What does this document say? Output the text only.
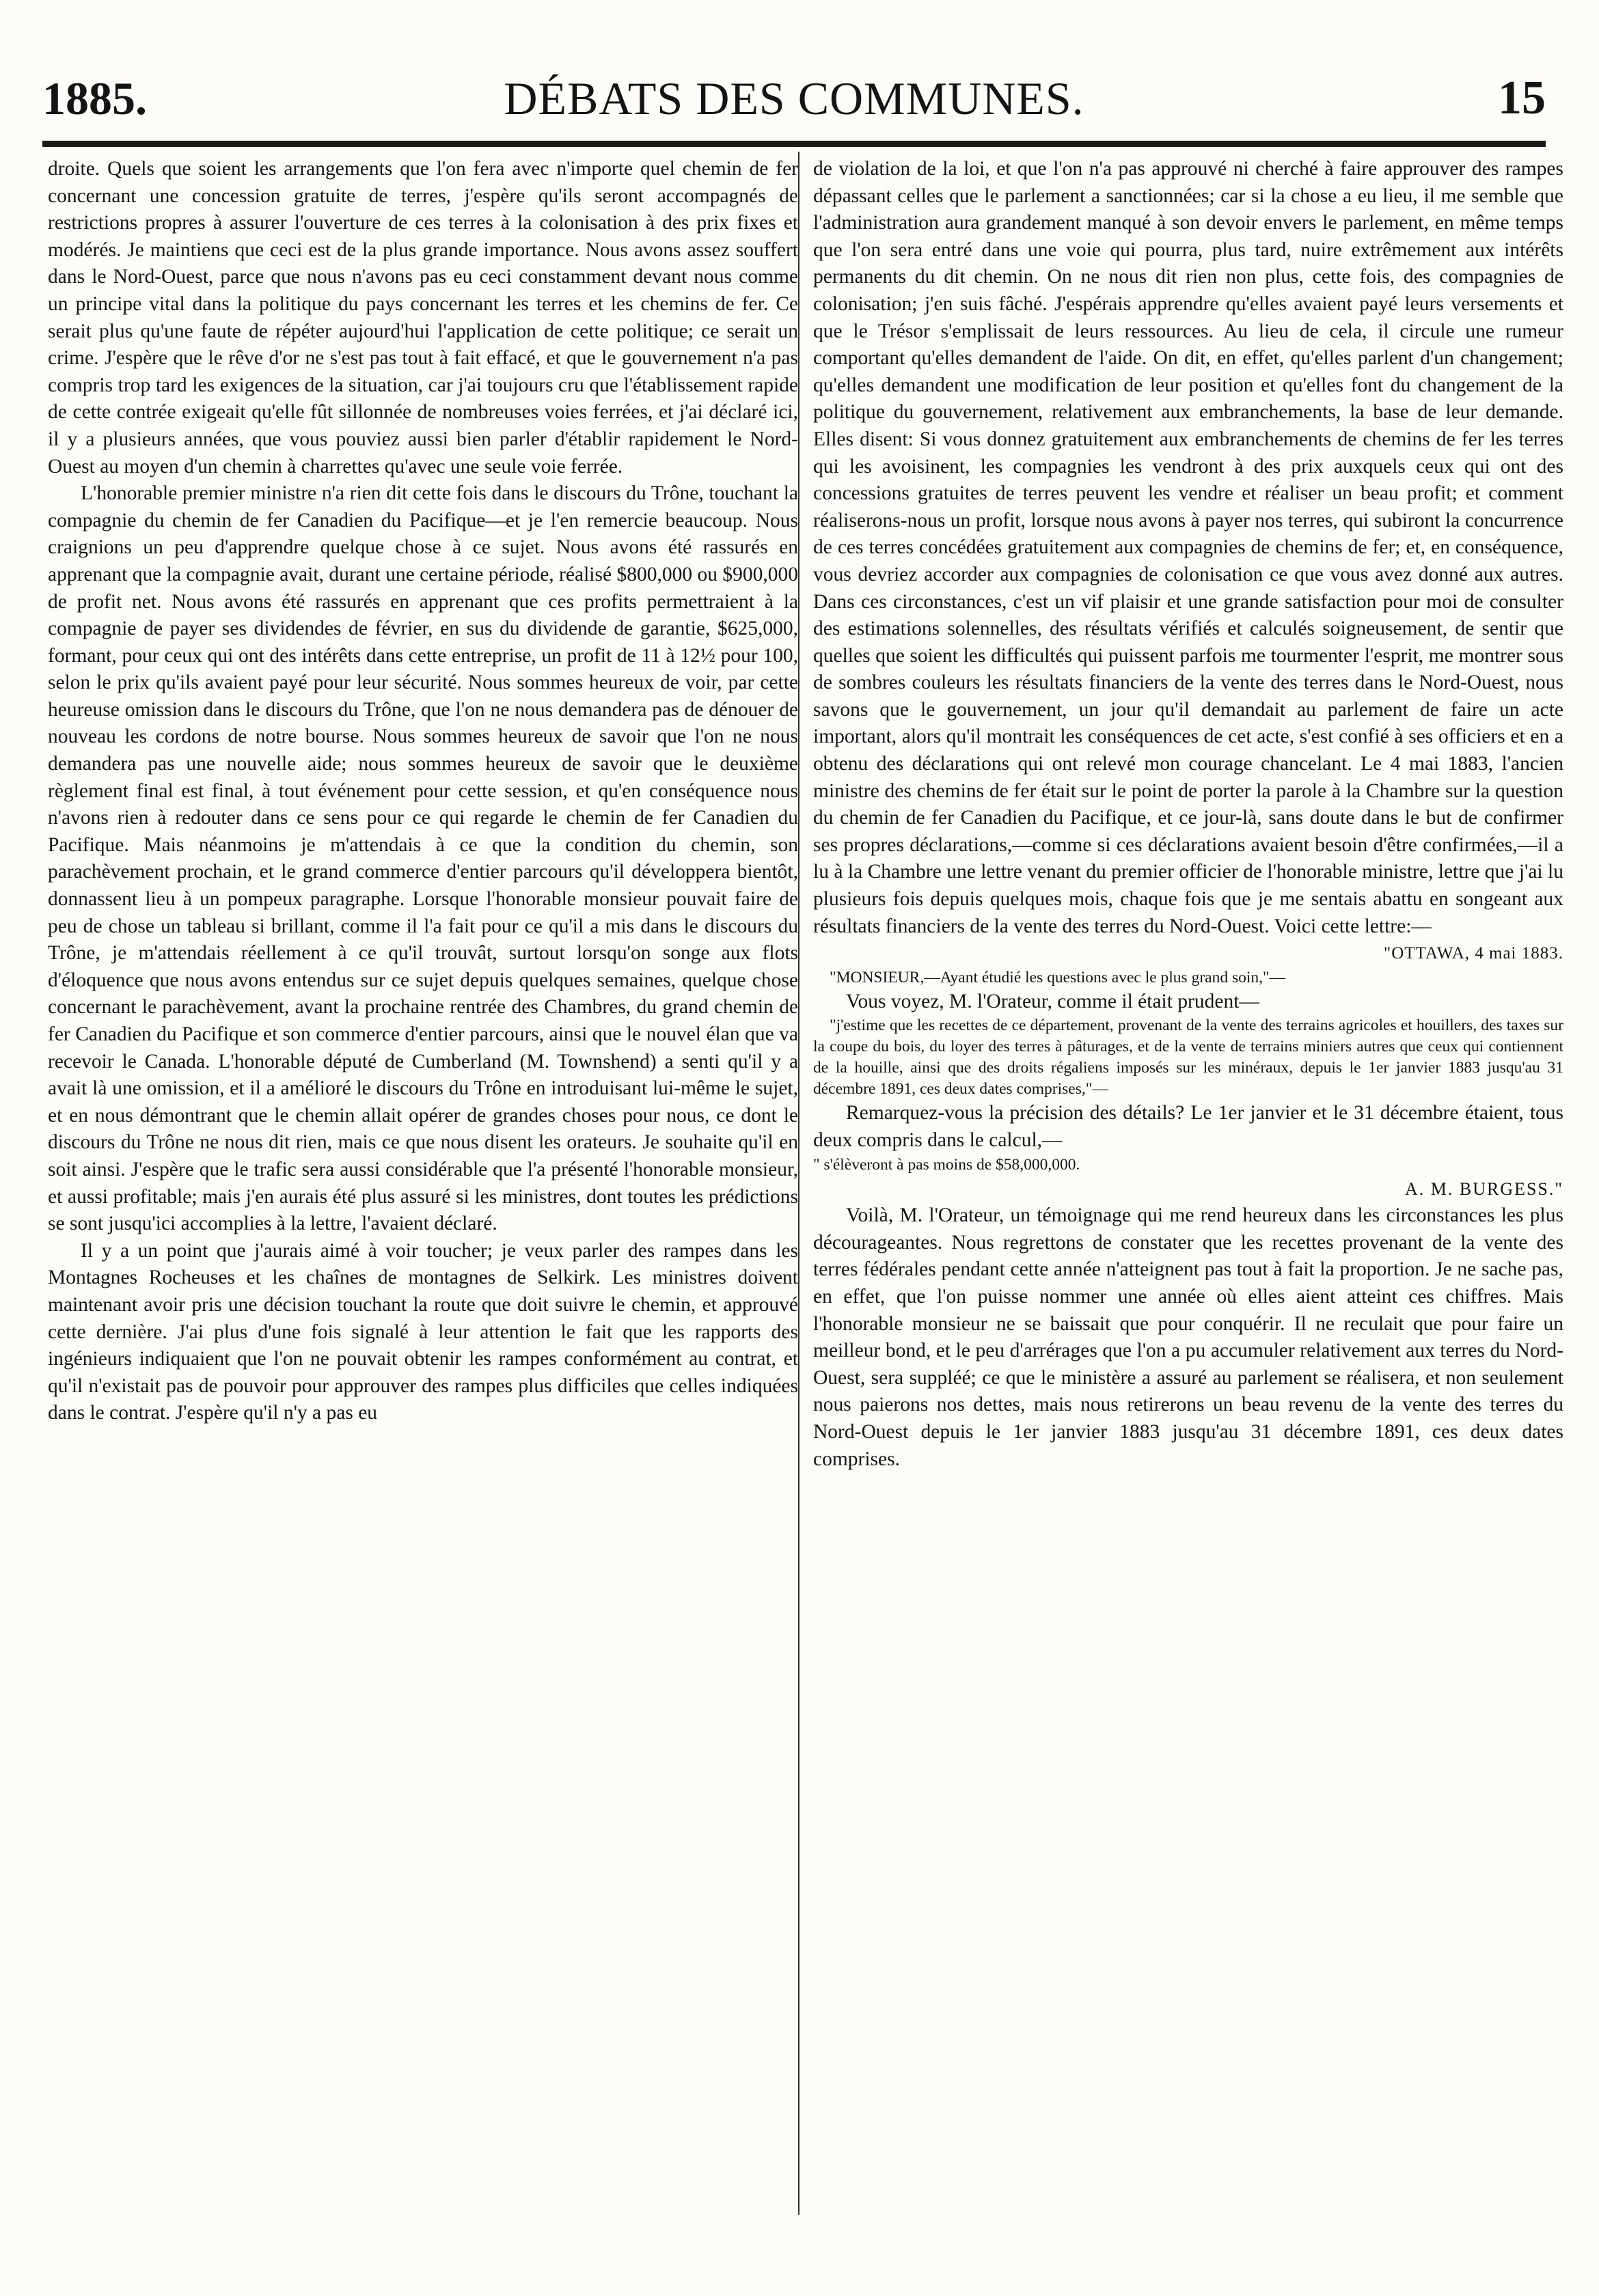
1885.	DÉBATS DES COMMUNES.	15

droite. Quels que soient les arrangements que l'on fera avec n'importe quel chemin de fer concernant une concession gratuite de terres, j'espère qu'ils seront accompagnés de restrictions propres à assurer l'ouverture de ces terres à la colonisation à des prix fixes et modérés. Je maintiens que ceci est de la plus grande importance. Nous avons assez souffert dans le Nord-Ouest, parce que nous n'avons pas eu ceci constamment devant nous comme un principe vital dans la politique du pays concernant les terres et les chemins de fer. Ce serait plus qu'une faute de répéter aujourd'hui l'application de cette politique; ce serait un crime. J'espère que le rêve d'or ne s'est pas tout à fait effacé, et que le gouvernement n'a pas compris trop tard les exigences de la situation, car j'ai toujours cru que l'établissement rapide de cette contrée exigeait qu'elle fût sillonnée de nombreuses voies ferrées, et j'ai déclaré ici, il y a plusieurs années, que vous pouviez aussi bien parler d'établir rapidement le Nord-Ouest au moyen d'un chemin à charrettes qu'avec une seule voie ferrée.

L'honorable premier ministre n'a rien dit cette fois dans le discours du Trône, touchant la compagnie du chemin de fer Canadien du Pacifique—et je l'en remercie beaucoup. Nous craignions un peu d'apprendre quelque chose à ce sujet. Nous avons été rassurés en apprenant que la compagnie avait, durant une certaine période, réalisé $800,000 ou $900,000 de profit net. Nous avons été rassurés en apprenant que ces profits permettraient à la compagnie de payer ses dividendes de février, en sus du dividende de garantie, $625,000, formant, pour ceux qui ont des intérêts dans cette entreprise, un profit de 11 à 12½ pour 100, selon le prix qu'ils avaient payé pour leur sécurité. Nous sommes heureux de voir, par cette heureuse omission dans le discours du Trône, que l'on ne nous demandera pas de dénouer de nouveau les cordons de notre bourse. Nous sommes heureux de savoir que l'on ne nous demandera pas une nouvelle aide; nous sommes heureux de savoir que le deuxième règlement final est final, à tout événement pour cette session, et qu'en conséquence nous n'avons rien à redouter dans ce sens pour ce qui regarde le chemin de fer Canadien du Pacifique. Mais néanmoins je m'attendais à ce que la condition du chemin, son parachèvement prochain, et le grand commerce d'entier parcours qu'il développera bientôt, donnassent lieu à un pompeux paragraphe. Lorsque l'honorable monsieur pouvait faire de peu de chose un tableau si brillant, comme il l'a fait pour ce qu'il a mis dans le discours du Trône, je m'attendais réellement à ce qu'il trouvât, surtout lorsqu'on songe aux flots d'éloquence que nous avons entendus sur ce sujet depuis quelques semaines, quelque chose concernant le parachèvement, avant la prochaine rentrée des Chambres, du grand chemin de fer Canadien du Pacifique et son commerce d'entier parcours, ainsi que le nouvel élan que va recevoir le Canada. L'honorable député de Cumberland (M. Townshend) a senti qu'il y a avait là une omission, et il a amélioré le discours du Trône en introduisant lui-même le sujet, et en nous démontrant que le chemin allait opérer de grandes choses pour nous, ce dont le discours du Trône ne nous dit rien, mais ce que nous disent les orateurs. Je souhaite qu'il en soit ainsi. J'espère que le trafic sera aussi considérable que l'a présenté l'honorable monsieur, et aussi profitable; mais j'en aurais été plus assuré si les ministres, dont toutes les prédictions se sont jusqu'ici accomplies à la lettre, l'avaient déclaré.

Il y a un point que j'aurais aimé à voir toucher; je veux parler des rampes dans les Montagnes Rocheuses et les chaînes de montagnes de Selkirk. Les ministres doivent maintenant avoir pris une décision touchant la route que doit suivre le chemin, et approuvé cette dernière. J'ai plus d'une fois signalé à leur attention le fait que les rapports des ingénieurs indiquaient que l'on ne pouvait obtenir les rampes conformément au contrat, et qu'il n'existait pas de pouvoir pour approuver des rampes plus difficiles que celles indiquées dans le contrat. J'espère qu'il n'y a pas eu

de violation de la loi, et que l'on n'a pas approuvé ni cherché à faire approuver des rampes dépassant celles que le parlement a sanctionnées; car si la chose a eu lieu, il me semble que l'administration aura grandement manqué à son devoir envers le parlement, en même temps que l'on sera entré dans une voie qui pourra, plus tard, nuire extrêmement aux intérêts permanents du dit chemin. On ne nous dit rien non plus, cette fois, des compagnies de colonisation; j'en suis fâché. J'espérais apprendre qu'elles avaient payé leurs versements et que le Trésor s'emplissait de leurs ressources. Au lieu de cela, il circule une rumeur comportant qu'elles demandent de l'aide. On dit, en effet, qu'elles parlent d'un changement; qu'elles demandent une modification de leur position et qu'elles font du changement de la politique du gouvernement, relativement aux embranchements, la base de leur demande. Elles disent: Si vous donnez gratuitement aux embranchements de chemins de fer les terres qui les avoisinent, les compagnies les vendront à des prix auxquels ceux qui ont des concessions gratuites de terres peuvent les vendre et réaliser un beau profit; et comment réaliserons-nous un profit, lorsque nous avons à payer nos terres, qui subiront la concurrence de ces terres concédées gratuitement aux compagnies de chemins de fer; et, en conséquence, vous devriez accorder aux compagnies de colonisation ce que vous avez donné aux autres. Dans ces circonstances, c'est un vif plaisir et une grande satisfaction pour moi de consulter des estimations solennelles, des résultats vérifiés et calculés soigneusement, de sentir que quelles que soient les difficultés qui puissent parfois me tourmenter l'esprit, me montrer sous de sombres couleurs les résultats financiers de la vente des terres dans le Nord-Ouest, nous savons que le gouvernement, un jour qu'il demandait au parlement de faire un acte important, alors qu'il montrait les conséquences de cet acte, s'est confié à ses officiers et en a obtenu des déclarations qui ont relevé mon courage chancelant. Le 4 mai 1883, l'ancien ministre des chemins de fer était sur le point de porter la parole à la Chambre sur la question du chemin de fer Canadien du Pacifique, et ce jour-là, sans doute dans le but de confirmer ses propres déclarations,—comme si ces déclarations avaient besoin d'être confirmées,—il a lu à la Chambre une lettre venant du premier officier de l'honorable ministre, lettre que j'ai lu plusieurs fois depuis quelques mois, chaque fois que je me sentais abattu en songeant aux résultats financiers de la vente des terres du Nord-Ouest. Voici cette lettre:—

"OTTAWA, 4 mai 1883.

"MONSIEUR,—Ayant étudié les questions avec le plus grand soin,"—

Vous voyez, M. l'Orateur, comme il était prudent—

"j'estime que les recettes de ce département, provenant de la vente des terrains agricoles et houillers, des taxes sur la coupe du bois, du loyer des terres à pâturages, et de la vente de terrains miniers autres que ceux qui contiennent de la houille, ainsi que des droits régaliens imposés sur les minéraux, depuis le 1er janvier 1883 jusqu'au 31 décembre 1891, ces deux dates comprises,"—

Remarquez-vous la précision des détails? Le 1er janvier et le 31 décembre étaient, tous deux compris dans le calcul,—

" s'élèveront à pas moins de $58,000,000.

A. M. BURGESS."

Voilà, M. l'Orateur, un témoignage qui me rend heureux dans les circonstances les plus décourageantes. Nous regrettons de constater que les recettes provenant de la vente des terres fédérales pendant cette année n'atteignent pas tout à fait la proportion. Je ne sache pas, en effet, que l'on puisse nommer une année où elles aient atteint ces chiffres. Mais l'honorable monsieur ne se baissait que pour conquérir. Il ne reculait que pour faire un meilleur bond, et le peu d'arrérages que l'on a pu accumuler relativement aux terres du Nord-Ouest, sera suppléé; ce que le ministère a assuré au parlement se réalisera, et non seulement nous paierons nos dettes, mais nous retirerons un beau revenu de la vente des terres du Nord-Ouest depuis le 1er janvier 1883 jusqu'au 31 décembre 1891, ces deux dates comprises.
